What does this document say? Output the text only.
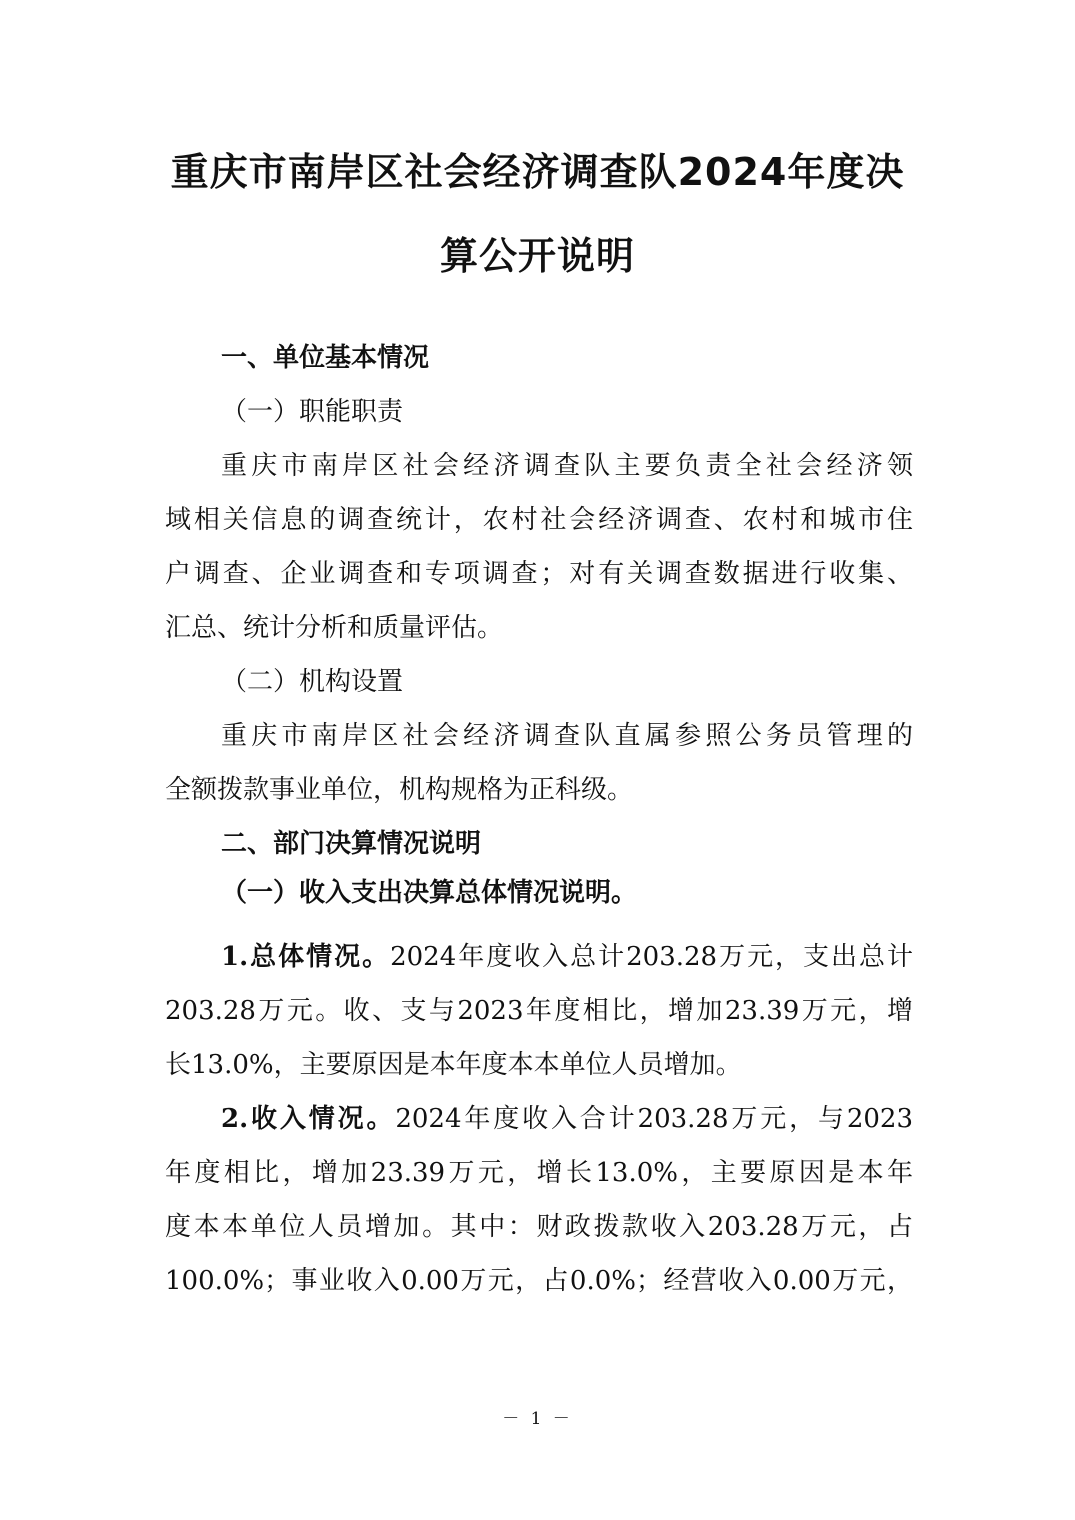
重庆市南岸区社会经济调查队2024年度决
算公开说明
一、单位基本情况
（一）职能职责
重庆市南岸区社会经济调查队主要负责全社会经济领
域相关信息的调查统计，农村社会经济调查、农村和城市住
户调查、企业调查和专项调查；对有关调查数据进行收集、
汇总、统计分析和质量评估。
（二）机构设置
重庆市南岸区社会经济调查队直属参照公务员管理的
全额拨款事业单位，机构规格为正科级。
二、部门决算情况说明
（一）收入支出决算总体情况说明。
1.总体情况。2024年度收入总计203.28万元，支出总计
203.28万元。收、支与2023年度相比，增加23.39万元，增
长13.0%，主要原因是本年度本本单位人员增加。
2.收入情况。2024年度收入合计203.28万元，与2023
年度相比，增加23.39万元，增长13.0%，主要原因是本年
度本本单位人员增加。其中：财政拨款收入203.28万元，占
100.0%；事业收入0.00万元，占0.0%；经营收入0.00万元，
－ 1 －
